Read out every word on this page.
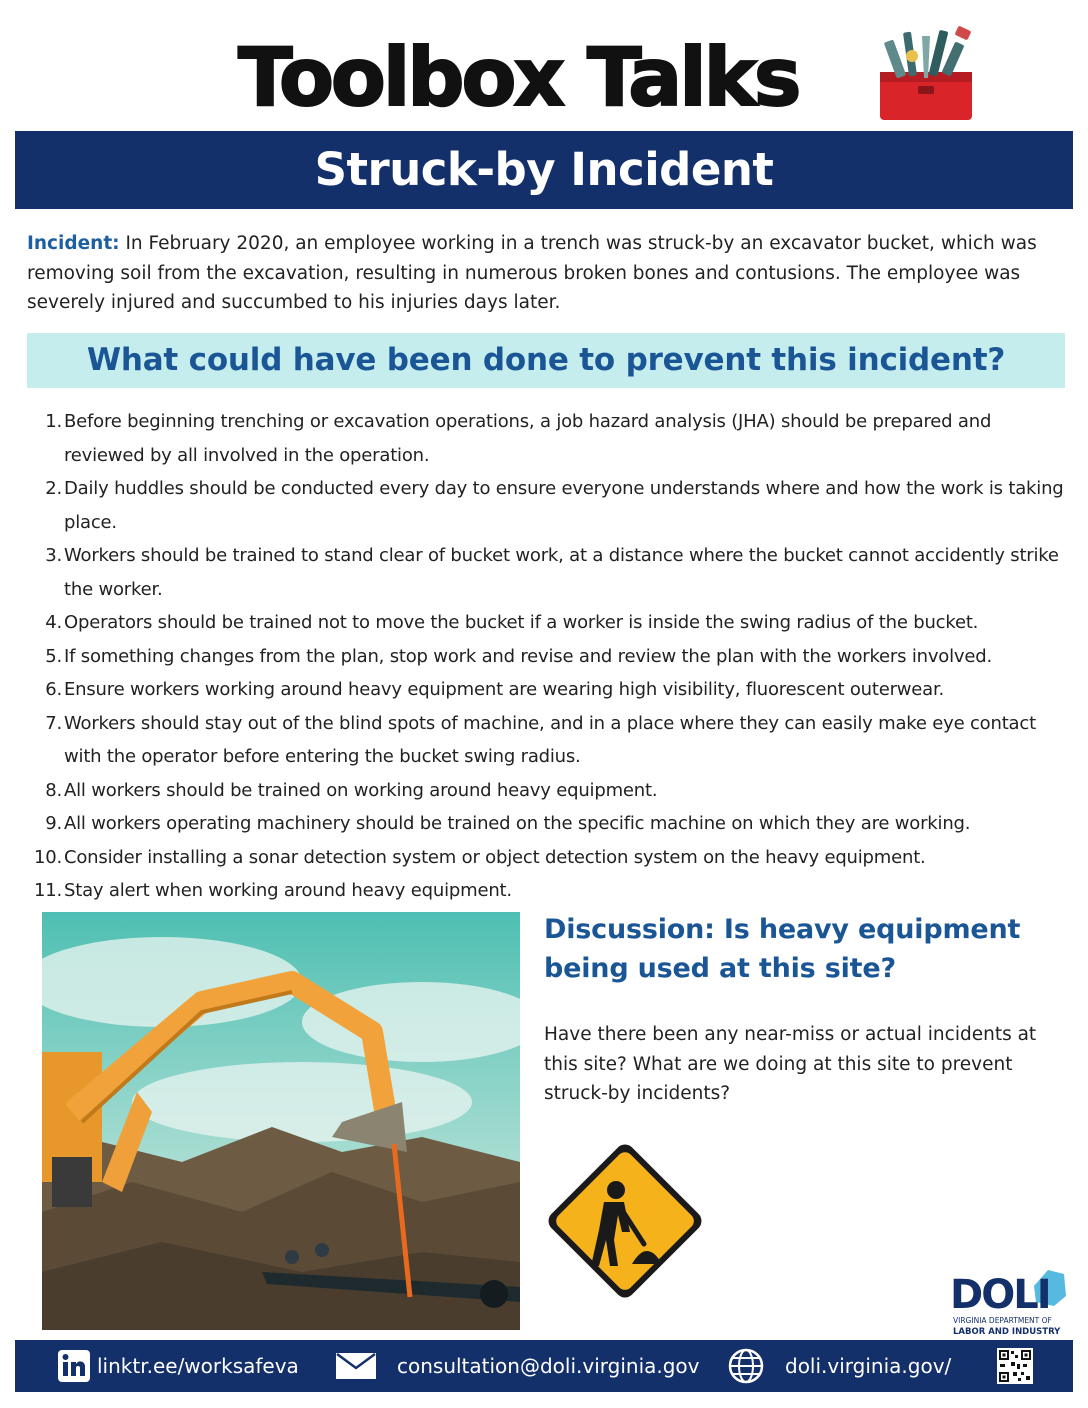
Toolbox Talks
Struck-by Incident

Incident: In February 2020, an employee working in a trench was struck-by an excavator bucket, which was removing soil from the excavation, resulting in numerous broken bones and contusions. The employee was severely injured and succumbed to his injuries days later.

What could have been done to prevent this incident?
1. Before beginning trenching or excavation operations, a job hazard analysis (JHA) should be prepared and reviewed by all involved in the operation.
2. Daily huddles should be conducted every day to ensure everyone understands where and how the work is taking place.
3. Workers should be trained to stand clear of bucket work, at a distance where the bucket cannot accidently strike the worker.
4. Operators should be trained not to move the bucket if a worker is inside the swing radius of the bucket.
5. If something changes from the plan, stop work and revise and review the plan with the workers involved.
6. Ensure workers working around heavy equipment are wearing high visibility, fluorescent outerwear.
7. Workers should stay out of the blind spots of machine, and in a place where they can easily make eye contact with the operator before entering the bucket swing radius.
8. All workers should be trained on working around heavy equipment.
9. All workers operating machinery should be trained on the specific machine on which they are working.
10. Consider installing a sonar detection system or object detection system on the heavy equipment.
11. Stay alert when working around heavy equipment.
Discussion: Is heavy equipment being used at this site?

Have there been any near-miss or actual incidents at this site? What are we doing at this site to prevent struck-by incidents?

DOLI
VIRGINIA DEPARTMENT OF
LABOR AND INDUSTRY
linktr.ee/worksafeva	consultation@doli.virginia.gov	doli.virginia.gov/
